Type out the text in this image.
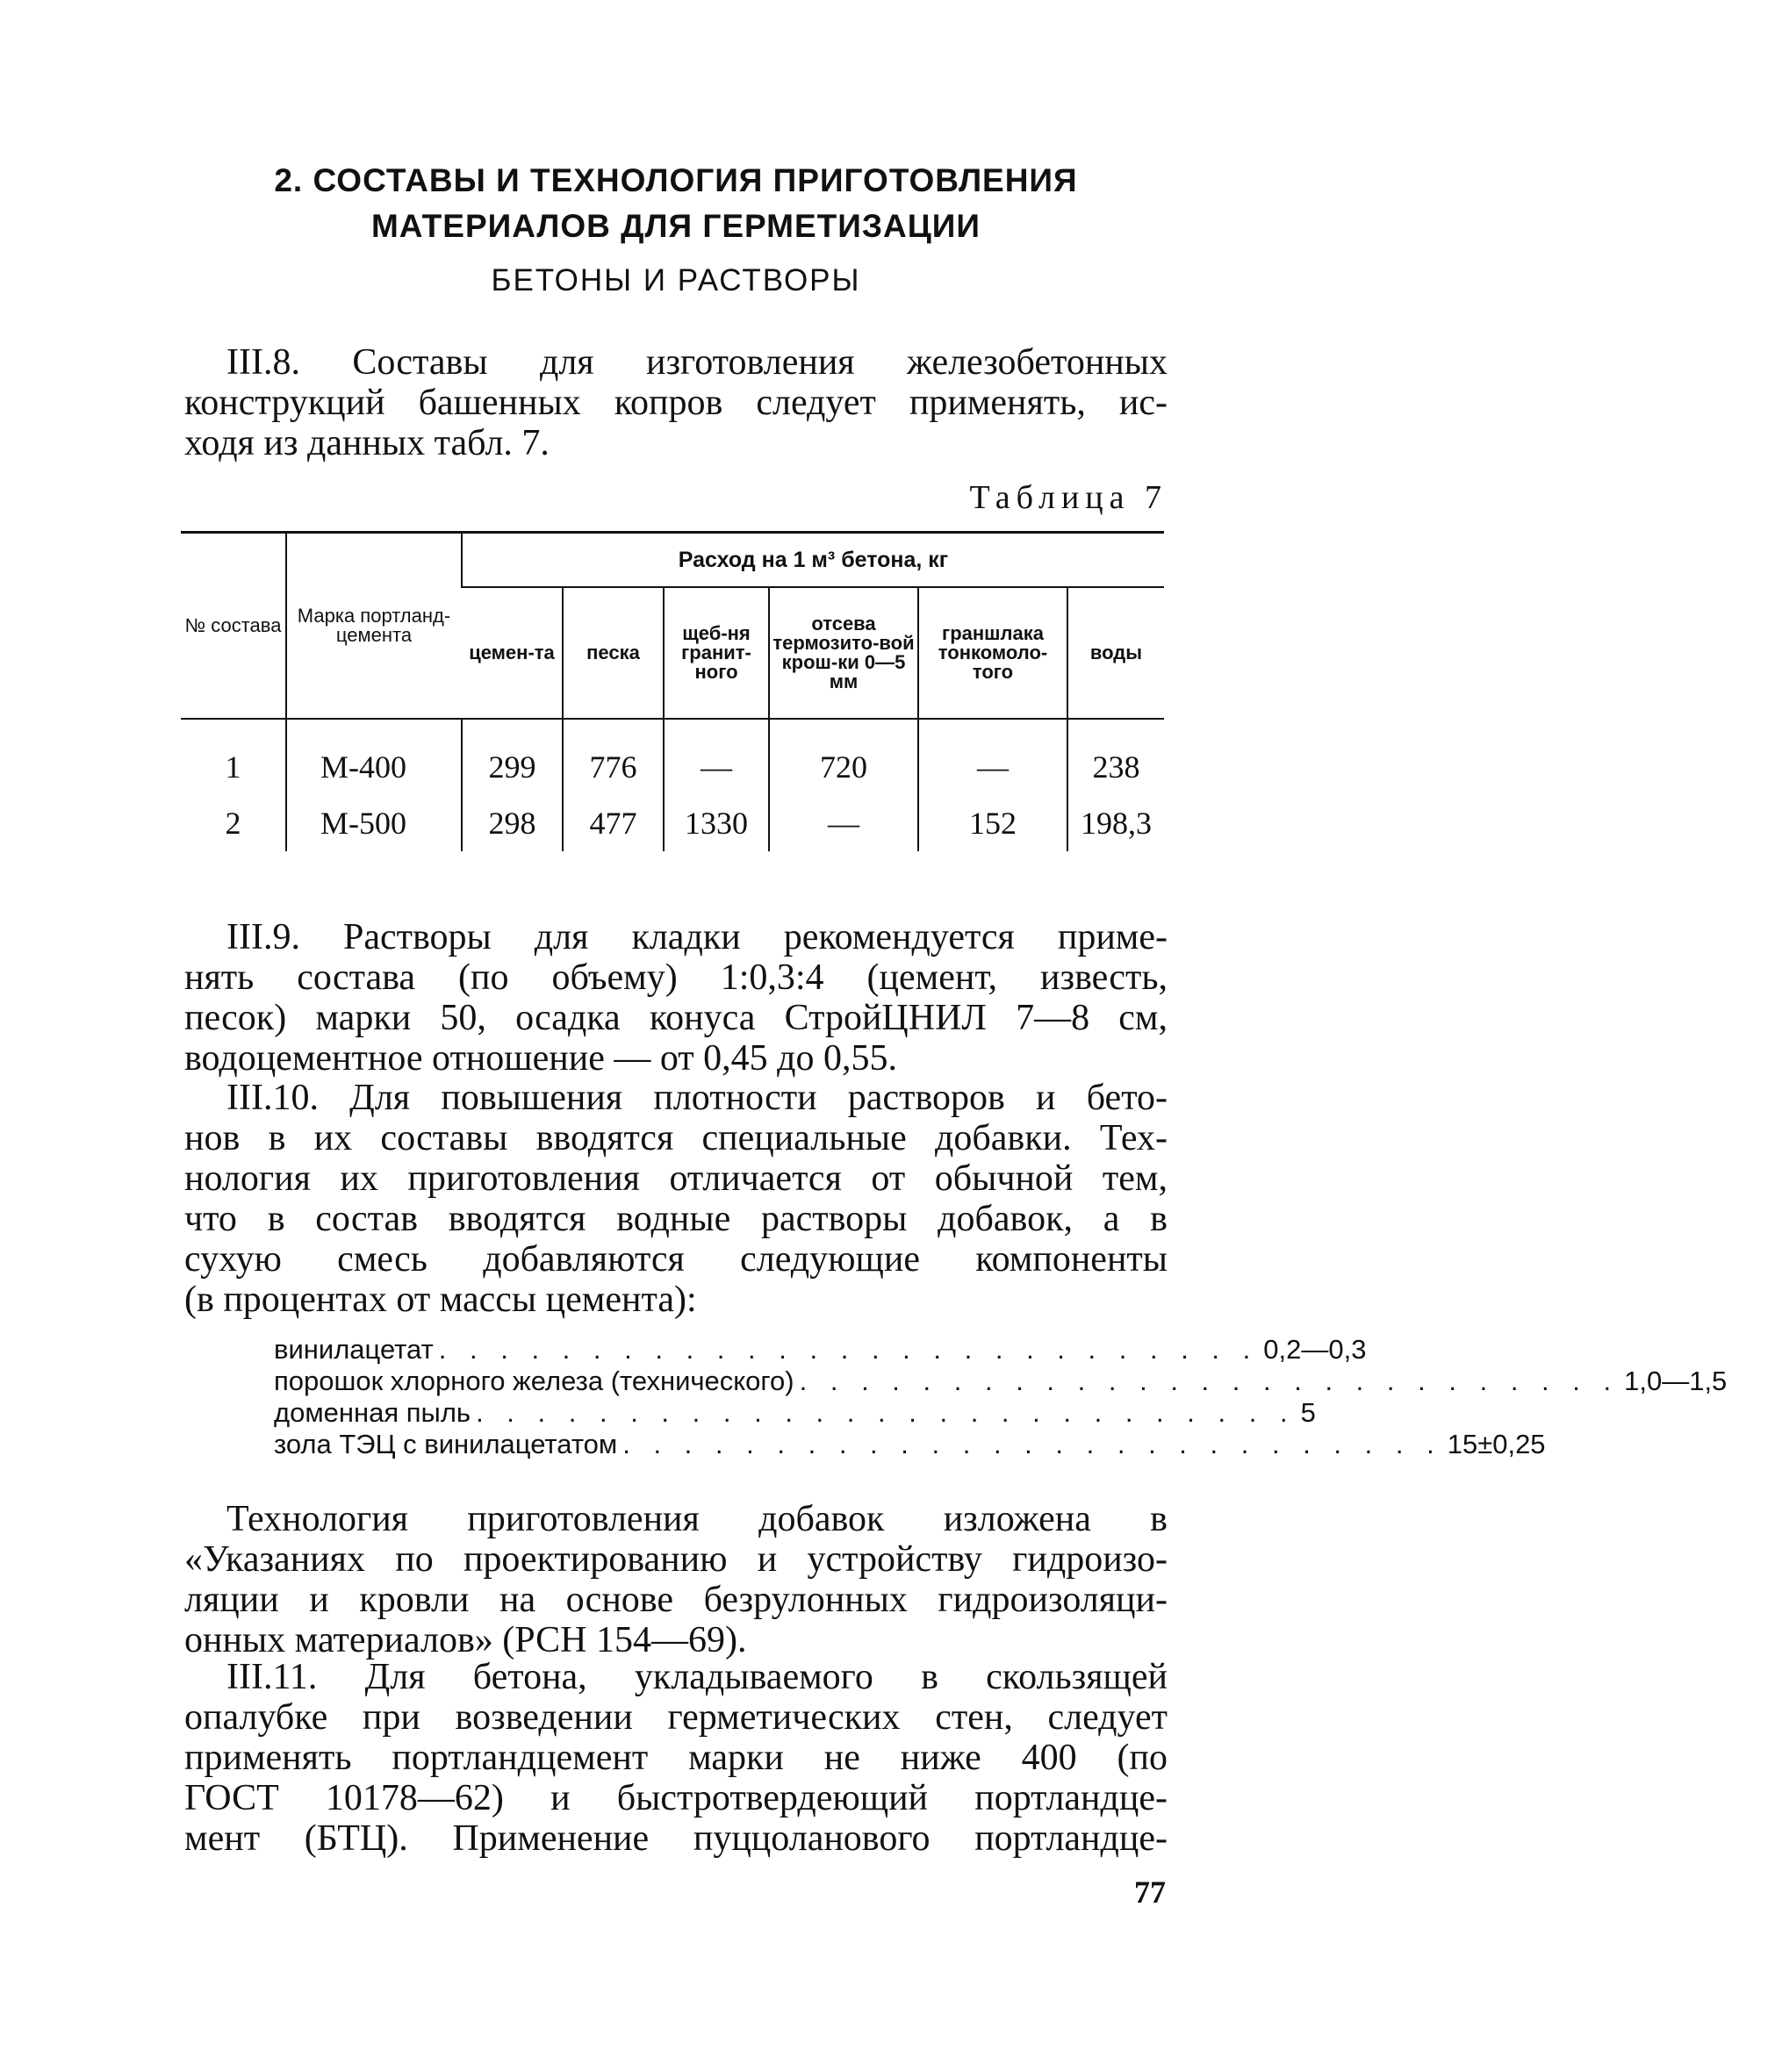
2. СОСТАВЫ И ТЕХНОЛОГИЯ ПРИГОТОВЛЕНИЯ
МАТЕРИАЛОВ ДЛЯ ГЕРМЕТИЗАЦИИ
БЕТОНЫ И РАСТВОРЫ

III.8. Составы для изготовления железобетонных
конструкций башенных копров следует применять, ис-
ходя из данных табл. 7.

Таблица 7
№ состава	Марка портланд-цемента	Расход на 1 м³ бетона, кг					
		цемен-та	песка	щеб-ня гранит-ного	отсева термозито-вой крош-ки 0—5 мм	граншлака тонкомоло-того	воды
1	М-400	299	776	—	720	—	238
2	М-500	298	477	1330	—	152	198,3

III.9. Растворы для кладки рекомендуется приме-
нять состава (по объему) 1:0,3:4 (цемент, известь,
песок) марки 50, осадка конуса СтройЦНИЛ 7—8 см,
водоцементное отношение — от 0,45 до 0,55.

III.10. Для повышения плотности растворов и бето-
нов в их составы вводятся специальные добавки. Тех-
нология их приготовления отличается от обычной тем,
что в состав вводятся водные растворы добавок, а в
сухую смесь добавляются следующие компоненты
(в процентах от массы цемента):

винилацетат . . . . . . . . . . . . . . . . . . . . . . . . . . . 0,2—0,3
порошок хлорного железа (технического) . . . . . . . . . . . . . . . . . . . . . . . . . . . 1,0—1,5
доменная пыль . . . . . . . . . . . . . . . . . . . . . . . . . . . 5
зола ТЭЦ с винилацетатом . . . . . . . . . . . . . . . . . . . . . . . . . . . 15±0,25

Технология приготовления добавок изложена в
«Указаниях по проектированию и устройству гидроизо-
ляции и кровли на основе безрулонных гидроизоляци-
онных материалов» (РСН 154—69).

III.11. Для бетона, укладываемого в скользящей
опалубке при возведении герметических стен, следует
применять портландцемент марки не ниже 400 (по
ГОСТ 10178—62) и быстротвердеющий портландце-
мент (БТЦ). Применение пуццоланового портландце-

77
